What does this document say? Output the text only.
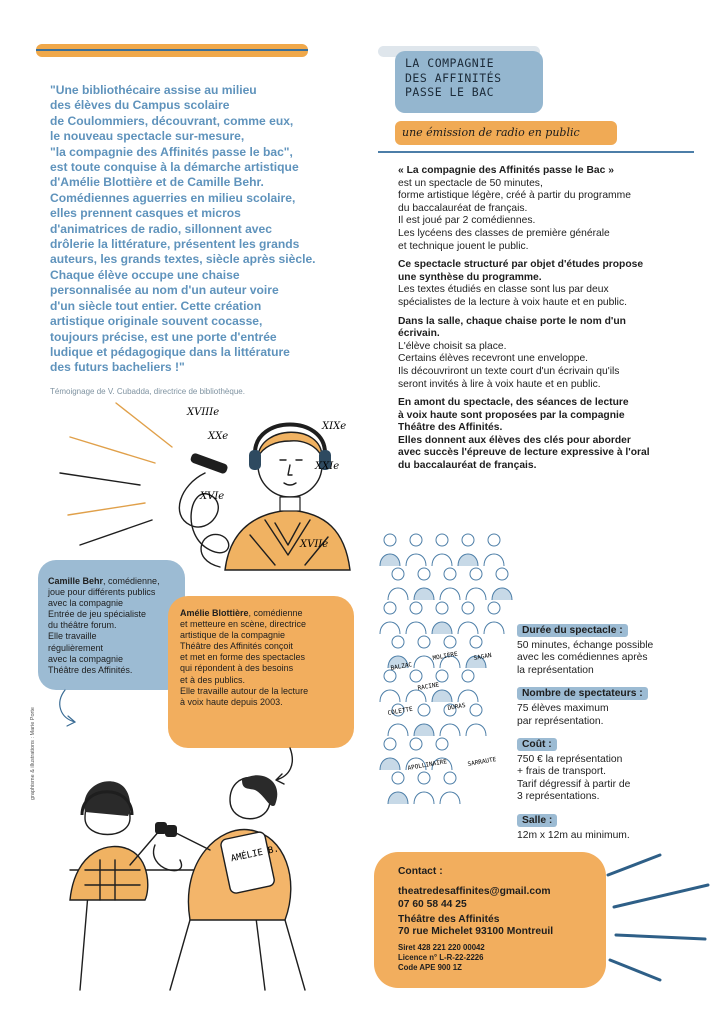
"Une bibliothécaire assise au milieu
des élèves du Campus scolaire
de Coulommiers, découvrant, comme eux,
le nouveau spectacle sur-mesure,
"la compagnie des Affinités passe le bac",
est toute conquise à la démarche artistique
d'Amélie Blottière et de Camille Behr.
Comédiennes aguerries en milieu scolaire,
elles prennent casques et micros
d'animatrices de radio, sillonnent avec
drôlerie la littérature, présentent les grands
auteurs, les grands textes, siècle après siècle.
Chaque élève occupe une chaise
personnalisée au nom d'un auteur voire
d'un siècle tout entier. Cette création
artistique originale souvent cocasse,
toujours précise, est une porte d'entrée
ludique et pédagogique dans la littérature
des futurs bacheliers !"
Témoignage de V. Cubadda, directrice de bibliothèque.
LA COMPAGNIE
DES AFFINITÉS
PASSE LE BAC
une émission de radio en public

« La compagnie des Affinités passe le Bac »
est un spectacle de 50 minutes,
forme artistique légère, créé à partir du programme
du baccalauréat de français.
Il est joué par 2 comédiennes.
Les lycéens des classes de première générale
et technique jouent le public.

Ce spectacle structuré par objet d'études propose
une synthèse du programme.
Les textes étudiés en classe sont lus par deux
spécialistes de la lecture à voix haute et en public.

Dans la salle, chaque chaise porte le nom d'un
écrivain.
L'élève choisit sa place.
Certains élèves recevront une enveloppe.
Ils découvriront un texte court d'un écrivain qu'ils
seront invités à lire à voix haute et en public.

En amont du spectacle, des séances de lecture
à voix haute sont proposées par la compagnie
Théâtre des Affinités.
Elles donnent aux élèves des clés pour aborder
avec succès l'épreuve de lecture expressive à l'oral
du baccalauréat de français.

XVIIIe
XXe
XIXe
XXIe
XVIe
XVIIe
BALZAC
SAGAN
COLETTE	DURAS
RACINE
APOLLINAIRE	SARRAUTE
MOLIÈRE
Durée du spectacle :
50 minutes, échange possible
avec les comédiennes après
la représentation
Nombre de spectateurs :
75 élèves maximum
par représentation.
Coût :
750 € la représentation
+ frais de transport.
Tarif dégressif à partir de
3 représentations.
Salle :
12m x 12m au minimum.
Camille Behr, comédienne,
joue pour différents publics
avec la compagnie
Entrée de jeu spécialiste
du théâtre forum.
Elle travaille
régulièrement
avec la compagnie
Théâtre des Affinités.
Amélie Blottière, comédienne
et metteure en scène, directrice
artistique de la compagnie
Théâtre des Affinités conçoit
et met en forme des spectacles
qui répondent à des besoins
et à des publics.
Elle travaille autour de la lecture
à voix haute depuis 2003.
AMÉLIE B.
Contact :
theatredesaffinites@gmail.com
07 60 58 44 25
Théâtre des Affinités
70 rue Michelet 93100 Montreuil
Siret 428 221 220 00042
Licence n° L-R-22-2226
Code APE 900 1Z
graphisme & illustrations : Marie Porte
